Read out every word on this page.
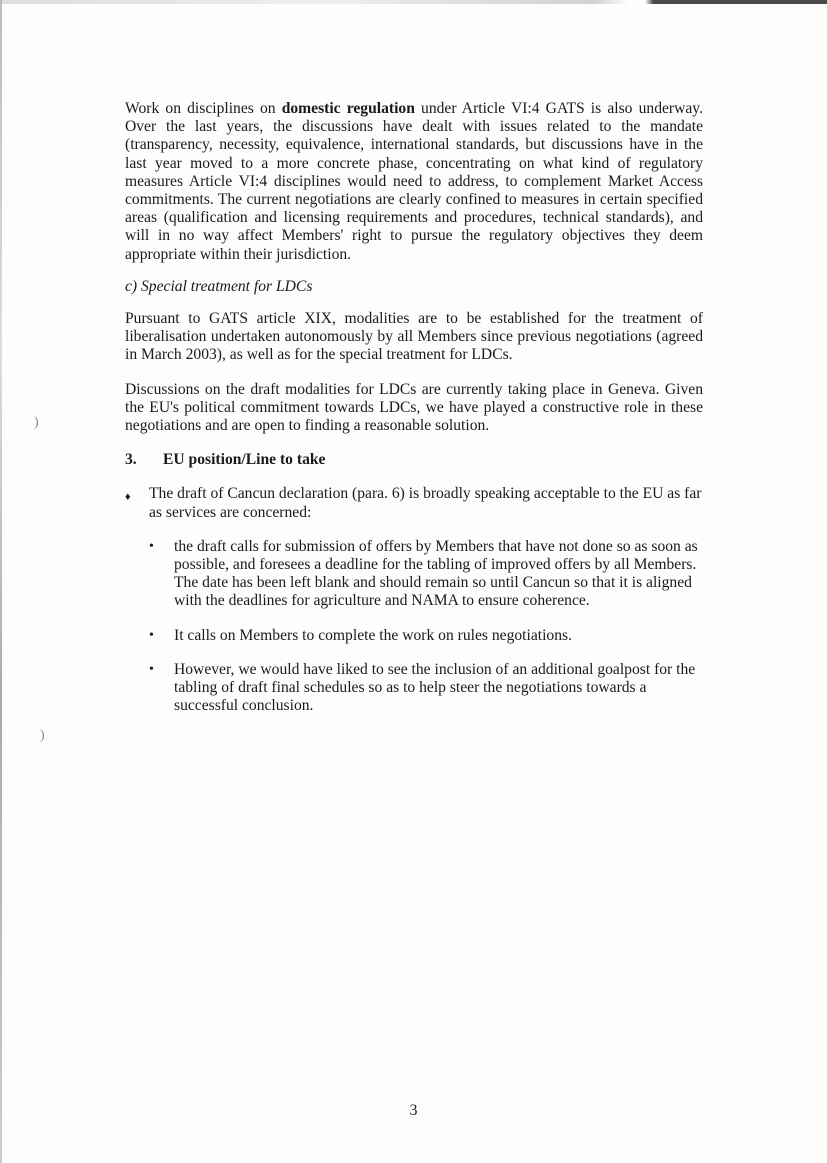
)
)

Work on disciplines on domestic regulation under Article VI:4 GATS is also underway. Over the last years, the discussions have dealt with issues related to the mandate (transparency, necessity, equivalence, international standards, but discussions have in the last year moved to a more concrete phase, concentrating on what kind of regulatory measures Article VI:4 disciplines would need to address, to complement Market Access commitments. The current negotiations are clearly confined to measures in certain specified areas (qualification and licensing requirements and procedures, technical standards), and will in no way affect Members' right to pursue the regulatory objectives they deem appropriate within their jurisdiction.

c) Special treatment for LDCs

Pursuant to GATS article XIX, modalities are to be established for the treatment of liberalisation undertaken autonomously by all Members since previous negotiations (agreed in March 2003), as well as for the special treatment for LDCs.

Discussions on the draft modalities for LDCs are currently taking place in Geneva. Given the EU's political commitment towards LDCs, we have played a constructive role in these negotiations and are open to finding a reasonable solution.

3.	EU position/Line to take
♦	The draft of Cancun declaration (para. 6) is broadly speaking acceptable to the EU as far as services are concerned:
•	the draft calls for submission of offers by Members that have not done so as soon as possible, and foresees a deadline for the tabling of improved offers by all Members. The date has been left blank and should remain so until Cancun so that it is aligned with the deadlines for agriculture and NAMA to ensure coherence.
•	It calls on Members to complete the work on rules negotiations.
•	However, we would have liked to see the inclusion of an additional goalpost for the tabling of draft final schedules so as to help steer the negotiations towards a successful conclusion.
3
